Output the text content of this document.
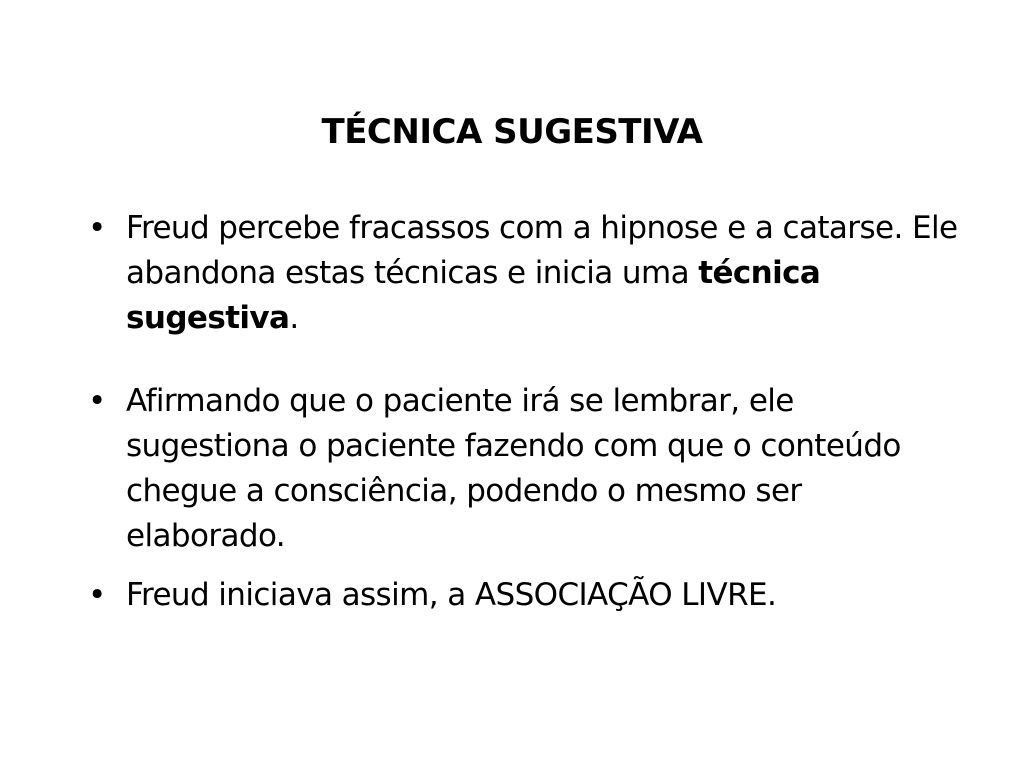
TÉCNICA SUGESTIVA
• Freud percebe fracassos com a hipnose e a catarse. Ele abandona estas técnicas e inicia uma técnica sugestiva.
• Afirmando que o paciente irá se lembrar, ele sugestiona o paciente fazendo com que o conteúdo chegue a consciência, podendo o mesmo ser elaborado.
• Freud iniciava assim, a ASSOCIAÇÃO LIVRE.
